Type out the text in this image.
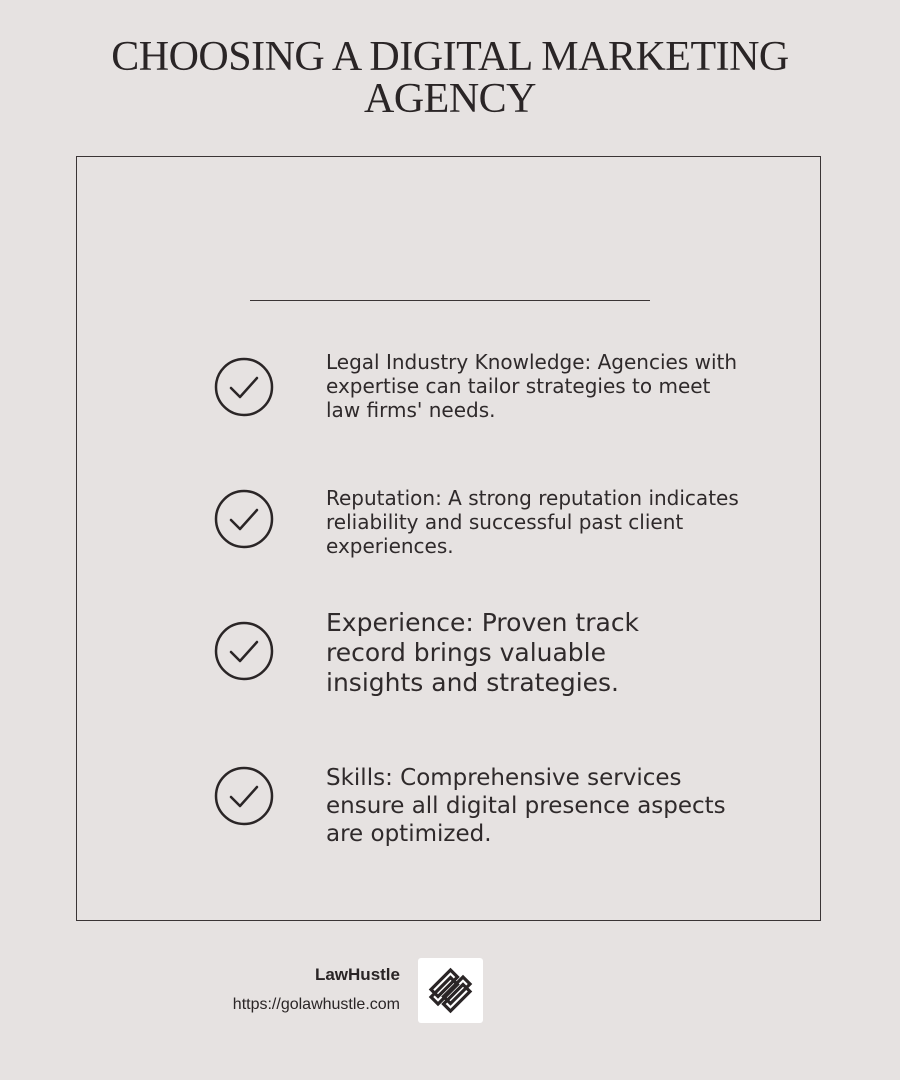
CHOOSING A DIGITAL MARKETING
AGENCY

Legal Industry Knowledge: Agencies with expertise can tailor strategies to meet law firms' needs.

Reputation: A strong reputation indicates reliability and successful past client experiences.

Experience: Proven track record brings valuable insights and strategies.

Skills: Comprehensive services ensure all digital presence aspects are optimized.

LawHustle
https://golawhustle.com
